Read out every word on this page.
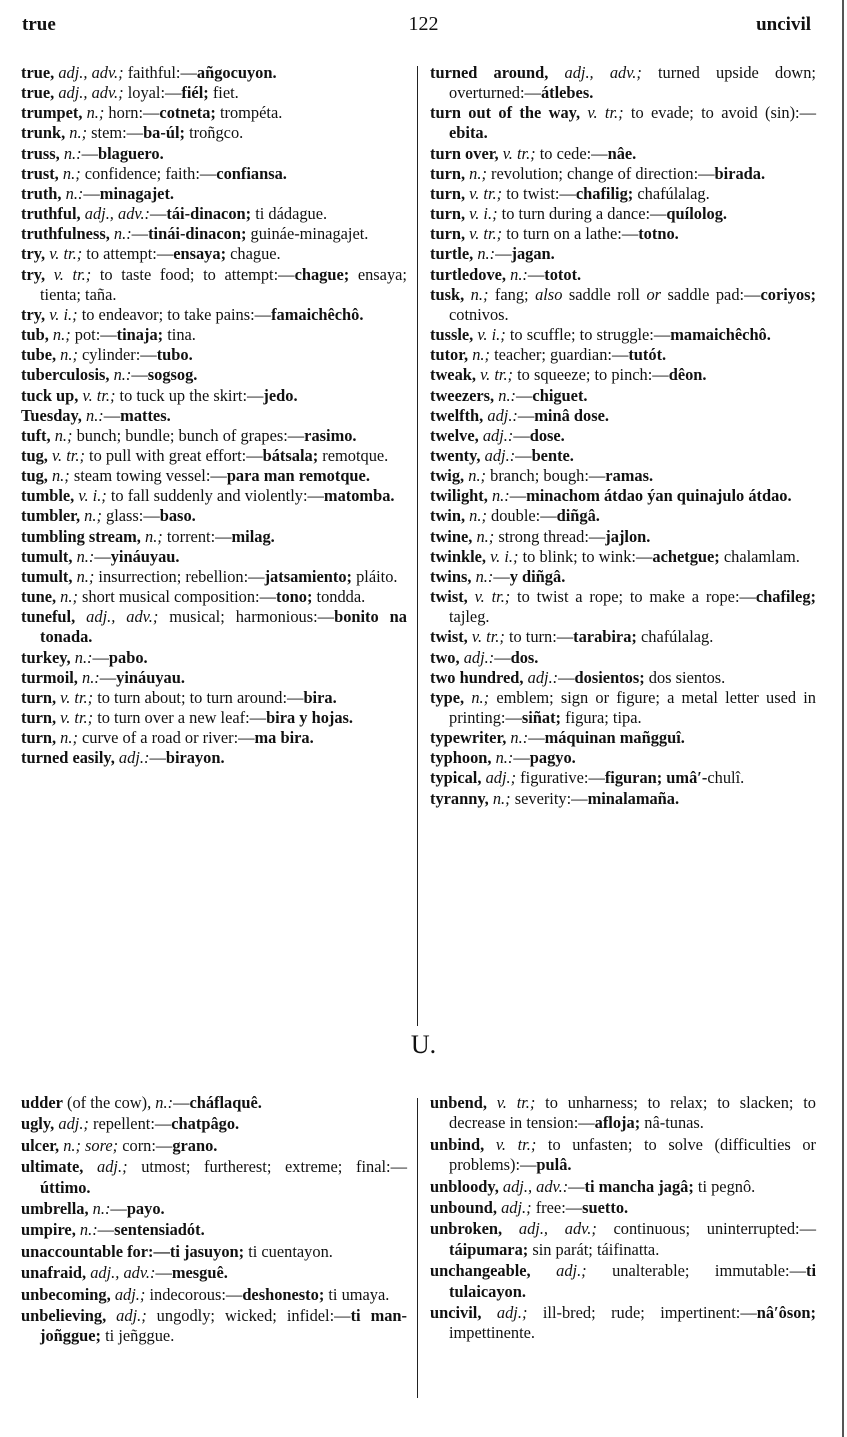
true	122	uncivil
true, adj., adv.; faithful:—añgocuyon.
true, adj., adv.; loyal:—fiél; fiet.
trumpet, n.; horn:—cotneta; trompéta.
trunk, n.; stem:—ba-úl; troñgco.
truss, n.:—blaguero.
trust, n.; confidence; faith:—confiansa.
truth, n.:—minagajet.
truthful, adj., adv.:—tái-dinacon; ti dádague.
truthfulness, n.:—tinái-dinacon; guináe-minagajet.
try, v. tr.; to attempt:—ensaya; chague.
try, v. tr.; to taste food; to attempt:—chague; ensaya; tienta; taña.
try, v. i.; to endeavor; to take pains:—famaichêchô.
tub, n.; pot:—tinaja; tina.
tube, n.; cylinder:—tubo.
tuberculosis, n.:—sogsog.
tuck up, v. tr.; to tuck up the skirt:—jedo.
Tuesday, n.:—mattes.
tuft, n.; bunch; bundle; bunch of grapes:—rasimo.
tug, v. tr.; to pull with great effort:—bátsala; remotque.
tug, n.; steam towing vessel:—para man remotque.
tumble, v. i.; to fall suddenly and violently:—matomba.
tumbler, n.; glass:—baso.
tumbling stream, n.; torrent:—milag.
tumult, n.:—yináuyau.
tumult, n.; insurrection; rebellion:—jatsamiento; pláito.
tune, n.; short musical composition:—tono; tondda.
tuneful, adj., adv.; musical; harmonious:—bonito na tonada.
turkey, n.:—pabo.
turmoil, n.:—yináuyau.
turn, v. tr.; to turn about; to turn around:—bira.
turn, v. tr.; to turn over a new leaf:—bira y hojas.
turn, n.; curve of a road or river:—ma bira.
turned easily, adj.:—birayon.
turned around, adj., adv.; turned upside down; overturned:—átlebes.
turn out of the way, v. tr.; to evade; to avoid (sin):—ebita.
turn over, v. tr.; to cede:—nâe.
turn, n.; revolution; change of direction:—birada.
turn, v. tr.; to twist:—chafilig; chafúlalag.
turn, v. i.; to turn during a dance:—quílolog.
turn, v. tr.; to turn on a lathe:—totno.
turtle, n.:—jagan.
turtledove, n.:—totot.
tusk, n.; fang; also saddle roll or saddle pad:—coriyos; cotnivos.
tussle, v. i.; to scuffle; to struggle:—mamaichêchô.
tutor, n.; teacher; guardian:—tutót.
tweak, v. tr.; to squeeze; to pinch:—dêon.
tweezers, n.:—chiguet.
twelfth, adj.:—minâ dose.
twelve, adj.:—dose.
twenty, adj.:—bente.
twig, n.; branch; bough:—ramas.
twilight, n.:—minachom átdao ýan quinajulo átdao.
twin, n.; double:—diñgâ.
twine, n.; strong thread:—jajlon.
twinkle, v. i.; to blink; to wink:—achetgue; chalamlam.
twins, n.:—y diñgâ.
twist, v. tr.; to twist a rope; to make a rope:—chafileg; tajleg.
twist, v. tr.; to turn:—tarabira; chafúlalag.
two, adj.:—dos.
two hundred, adj.:—dosientos; dos sientos.
type, n.; emblem; sign or figure; a metal letter used in printing:—siñat; figura; tipa.
typewriter, n.:—máquinan mañgguî.
typhoon, n.:—pagyo.
typical, adj.; figurative:—figuran; umâ′-chulî.
tyranny, n.; severity:—minalamaña.
U.
udder (of the cow), n.:—cháflaquê.
ugly, adj.; repellent:—chatpâgo.
ulcer, n.; sore; corn:—grano.
ultimate, adj.; utmost; furtherest; extreme; final:—úttimo.
umbrella, n.:—payo.
umpire, n.:—sentensiadót.
unaccountable for:—ti jasuyon; ti cuentayon.
unafraid, adj., adv.:—mesguê.
unbecoming, adj.; indecorous:—deshonesto; ti umaya.
unbelieving, adj.; ungodly; wicked; infidel:—ti man-joñggue; ti jeñggue.
unbend, v. tr.; to unharness; to relax; to slacken; to decrease in tension:—afloja; nâ-tunas.
unbind, v. tr.; to unfasten; to solve (difficulties or problems):—pulâ.
unbloody, adj., adv.:—ti mancha jagâ; ti pegnô.
unbound, adj.; free:—suetto.
unbroken, adj., adv.; continuous; uninterrupted:—táipumara; sin parát; táifinatta.
unchangeable, adj.; unalterable; immutable:—ti tulaicayon.
uncivil, adj.; ill-bred; rude; impertinent:—nâ′ôson; impettinente.
